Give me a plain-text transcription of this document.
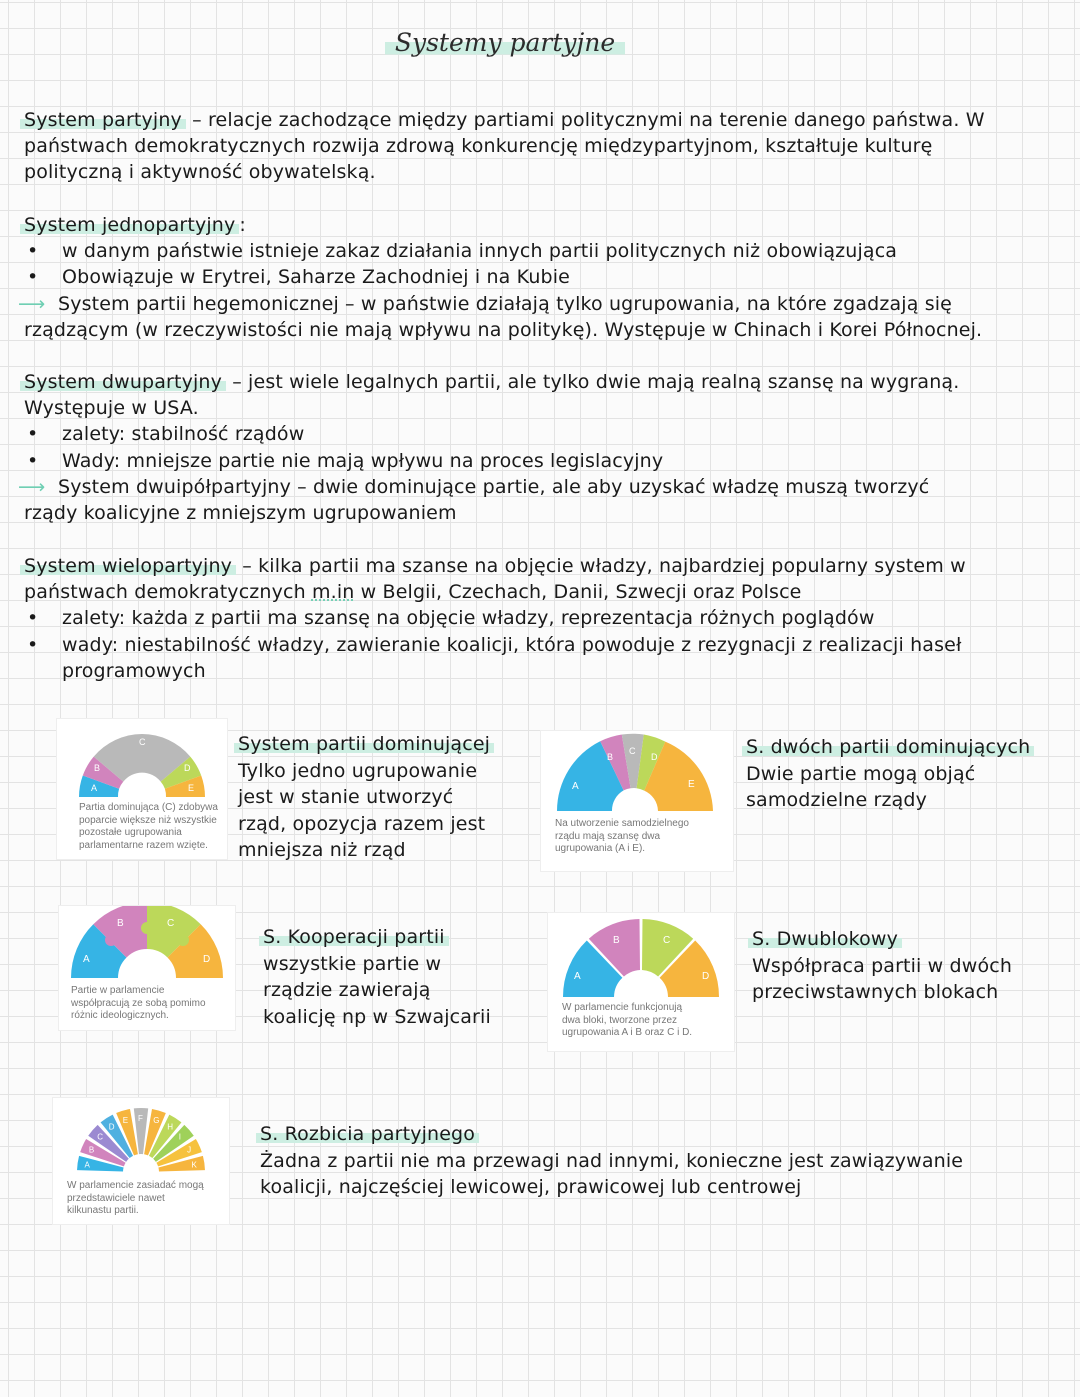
Systemy partyjne
System partyjny – relacje zachodzące między partiami politycznymi na terenie danego państwa. W
państwach demokratycznych rozwija zdrową konkurencję międzypartyjnom, kształtuje kulturę
polityczną i aktywność obywatelską.
System jednopartyjny :
• w danym państwie istnieje zakaz działania innych partii politycznych niż obowiązująca
• Obowiązuje w Erytrei, Saharze Zachodniej i na Kubie
⟶ System partii hegemonicznej – w państwie działają tylko ugrupowania, na które zgadzają się
rządzącym (w rzeczywistości nie mają wpływu na politykę). Występuje w Chinach i Korei Północnej.
System dwupartyjny – jest wiele legalnych partii, ale tylko dwie mają realną szansę na wygraną.
Występuje w USA.
• zalety: stabilność rządów
• Wady: mniejsze partie nie mają wpływu na proces legislacyjny
⟶ System dwuipółpartyjny – dwie dominujące partie, ale aby uzyskać władzę muszą tworzyć
rządy koalicyjne z mniejszym ugrupowaniem
System wielopartyjny – kilka partii ma szanse na objęcie władzy, najbardziej popularny system w
państwach demokratycznych m.in w Belgii, Czechach, Danii, Szwecji oraz Polsce
• zalety: każda z partii ma szansę na objęcie władzy, reprezentacja różnych poglądów
• wady: niestabilność władzy, zawieranie koalicji, która powoduje z rezygnacji z realizacji haseł
programowych
A
B
C
D
E
Partia dominująca (C) zdobywa
poparcie większe niż wszystkie
pozostałe ugrupowania
parlamentarne razem wzięte.
System partii dominującej
Tylko jedno ugrupowanie
jest w stanie utworzyć
rząd, opozycja razem jest
mniejsza niż rząd
A
B
C
D
E
Na utworzenie samodzielnego
rządu mają szansę dwa
ugrupowania (A i E).
S. dwóch partii dominujących
Dwie partie mogą objąć
samodzielne rządy
A
B	C
D
Partie w parlamencie
współpracują ze sobą pomimo
różnic ideologicznych.
S. Kooperacji partii
wszystkie partie w
rządzie zawierają
koalicję np w Szwajcarii
A
B	C
D
W parlamencie funkcjonują
dwa bloki, tworzone przez
ugrupowania A i B oraz C i D.
S. Dwublokowy
Współpraca partii w dwóch
przeciwstawnych blokach
A
B
C
D
E F G
H
I
J
K
W parlamencie zasiadać mogą
przedstawiciele nawet
kilkunastu partii.
S. Rozbicia partyjnego
Żadna z partii nie ma przewagi nad innymi, konieczne jest zawiązywanie
koalicji, najczęściej lewicowej, prawicowej lub centrowej
